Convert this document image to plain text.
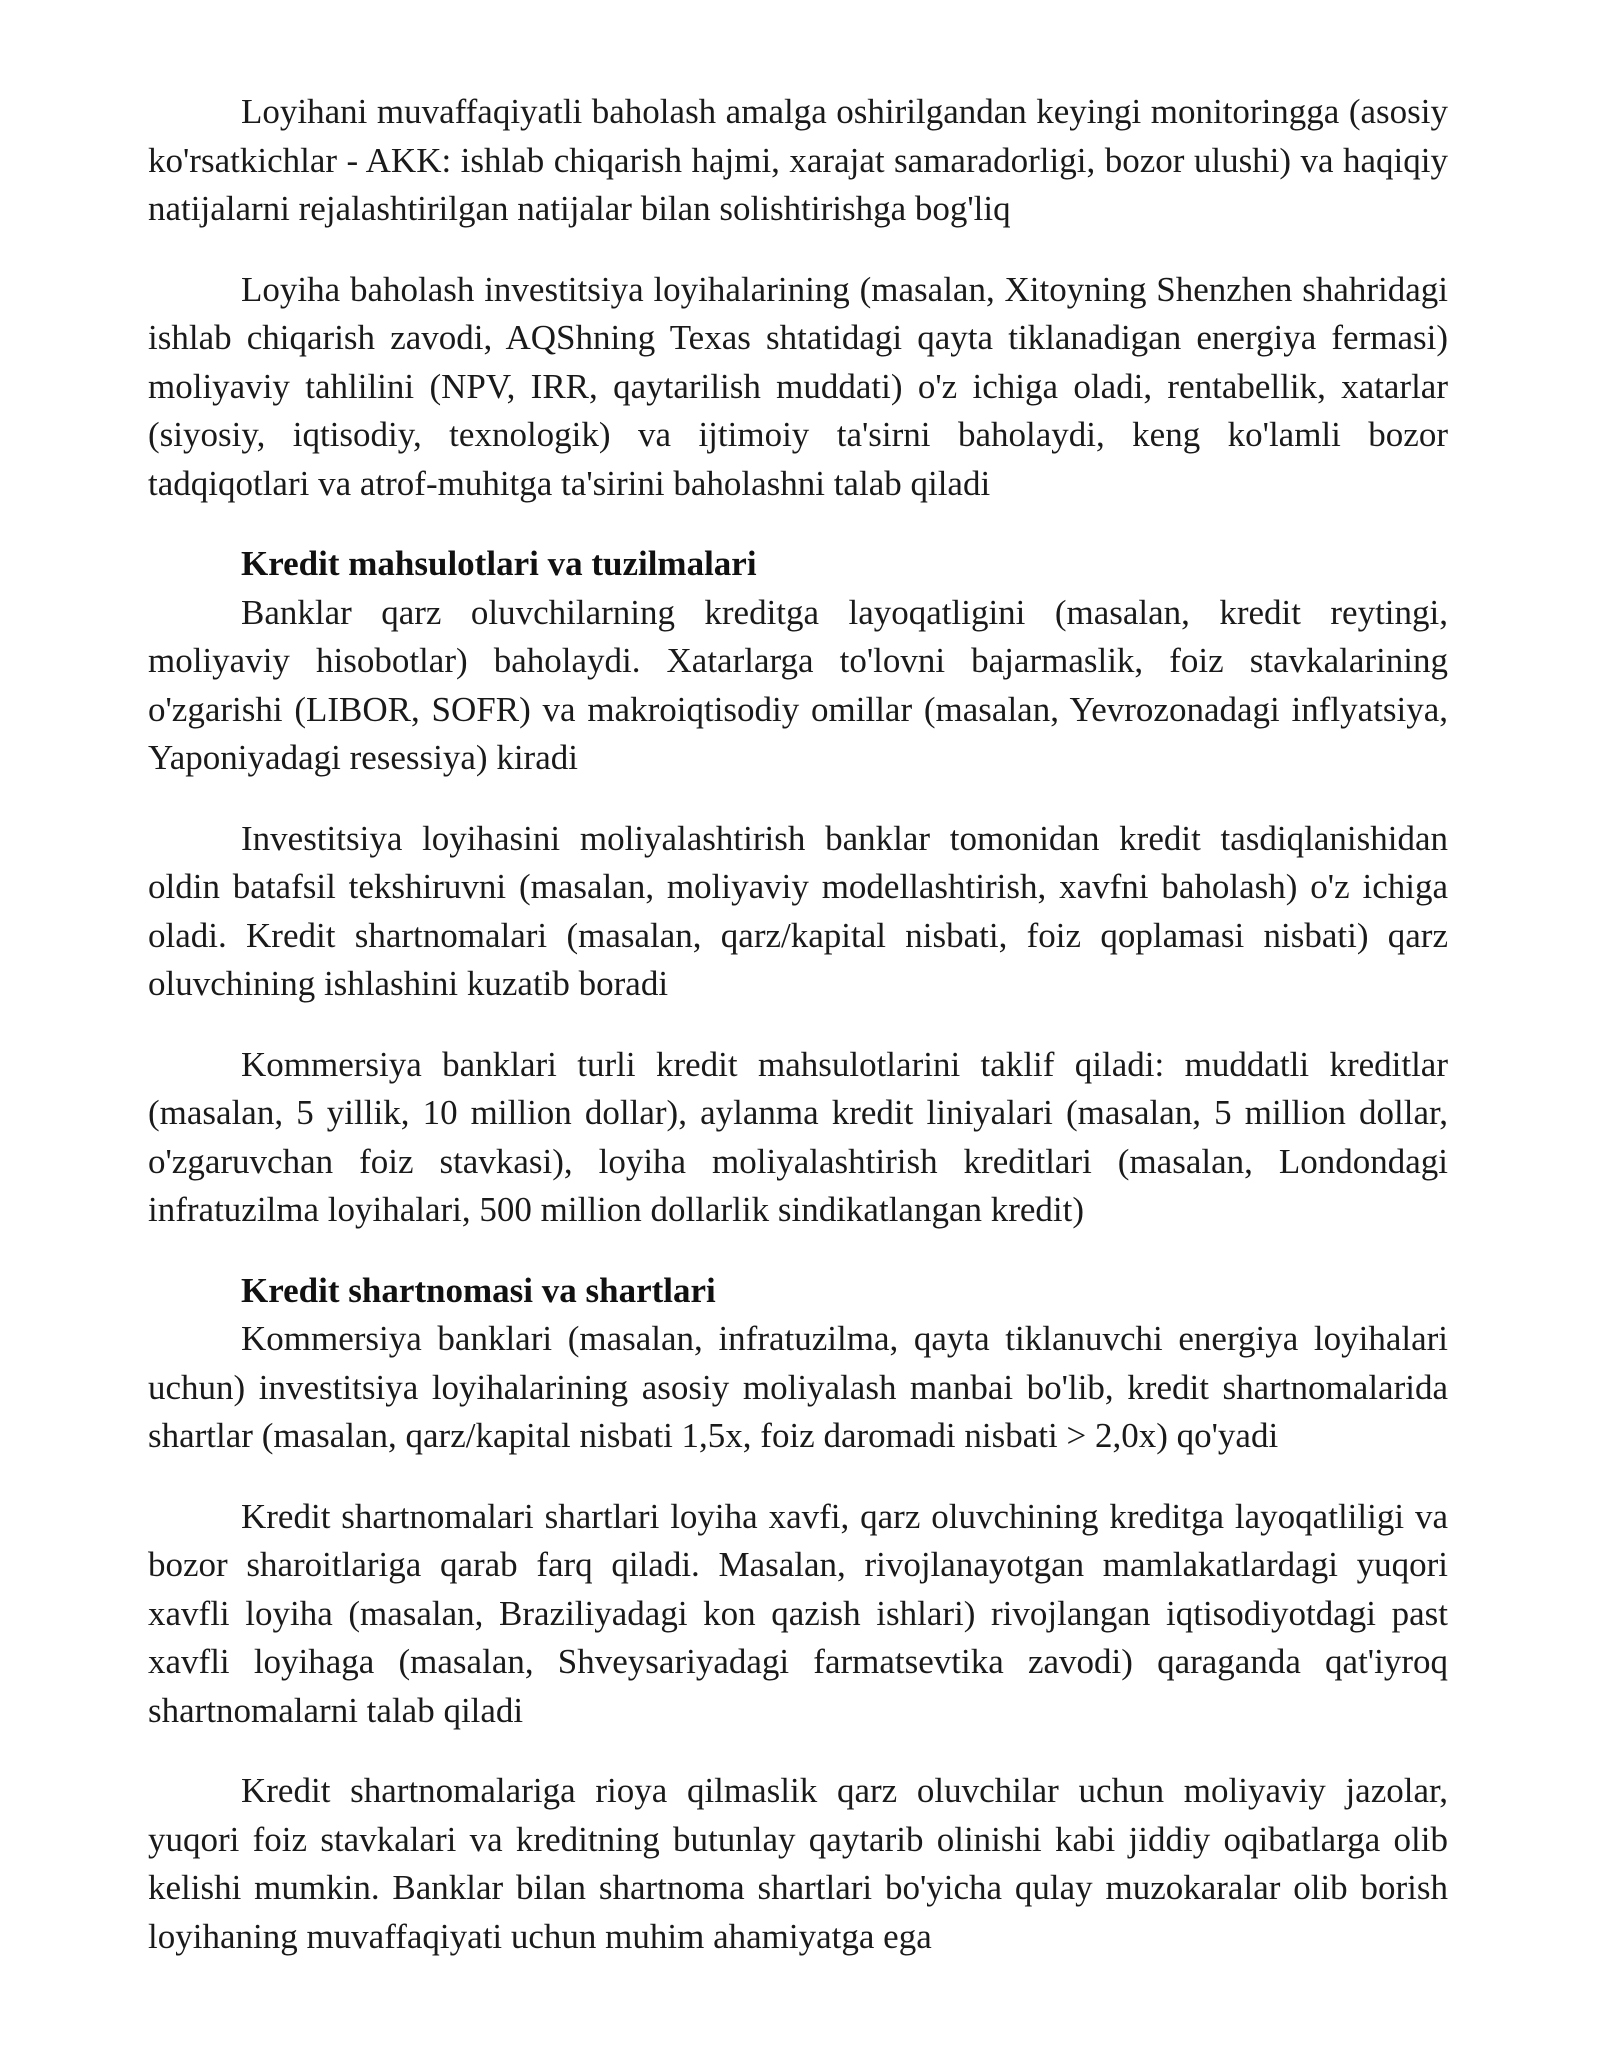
Loyihani muvaffaqiyatli baholash amalga oshirilgandan keyingi monitoringga (asosiy ko'rsatkichlar - AKK: ishlab chiqarish hajmi, xarajat samaradorligi, bozor ulushi) va haqiqiy natijalarni rejalashtirilgan natijalar bilan solishtirishga bog'liq

Loyiha baholash investitsiya loyihalarining (masalan, Xitoyning Shenzhen shahridagi ishlab chiqarish zavodi, AQShning Texas shtatidagi qayta tiklanadigan energiya fermasi) moliyaviy tahlilini (NPV, IRR, qaytarilish muddati) o'z ichiga oladi, rentabellik, xatarlar (siyosiy, iqtisodiy, texnologik) va ijtimoiy ta'sirni baholaydi, keng ko'lamli bozor tadqiqotlari va atrof-muhitga ta'sirini baholashni talab qiladi

Kredit mahsulotlari va tuzilmalari

Banklar qarz oluvchilarning kreditga layoqatligini (masalan, kredit reytingi, moliyaviy hisobotlar) baholaydi. Xatarlarga to'lovni bajarmaslik, foiz stavkalarining o'zgarishi (LIBOR, SOFR) va makroiqtisodiy omillar (masalan, Yevrozonadagi inflyatsiya, Yaponiyadagi resessiya) kiradi

Investitsiya loyihasini moliyalashtirish banklar tomonidan kredit tasdiqlanishidan oldin batafsil tekshiruvni (masalan, moliyaviy modellashtirish, xavfni baholash) o'z ichiga oladi. Kredit shartnomalari (masalan, qarz/kapital nisbati, foiz qoplamasi nisbati) qarz oluvchining ishlashini kuzatib boradi

Kommersiya banklari turli kredit mahsulotlarini taklif qiladi: muddatli kreditlar (masalan, 5 yillik, 10 million dollar), aylanma kredit liniyalari (masalan, 5 million dollar, o'zgaruvchan foiz stavkasi), loyiha moliyalashtirish kreditlari (masalan, Londondagi infratuzilma loyihalari, 500 million dollarlik sindikatlangan kredit)

Kredit shartnomasi va shartlari

Kommersiya banklari (masalan, infratuzilma, qayta tiklanuvchi energiya loyihalari uchun) investitsiya loyihalarining asosiy moliyalash manbai bo'lib, kredit shartnomalarida shartlar (masalan, qarz/kapital nisbati 1,5x, foiz daromadi nisbati > 2,0x) qo'yadi

Kredit shartnomalari shartlari loyiha xavfi, qarz oluvchining kreditga layoqatliligi va bozor sharoitlariga qarab farq qiladi. Masalan, rivojlanayotgan mamlakatlardagi yuqori xavfli loyiha (masalan, Braziliyadagi kon qazish ishlari) rivojlangan iqtisodiyotdagi past xavfli loyihaga (masalan, Shveysariyadagi farmatsevtika zavodi) qaraganda qat'iyroq shartnomalarni talab qiladi

Kredit shartnomalariga rioya qilmaslik qarz oluvchilar uchun moliyaviy jazolar, yuqori foiz stavkalari va kreditning butunlay qaytarib olinishi kabi jiddiy oqibatlarga olib kelishi mumkin. Banklar bilan shartnoma shartlari bo'yicha qulay muzokaralar olib borish loyihaning muvaffaqiyati uchun muhim ahamiyatga ega
